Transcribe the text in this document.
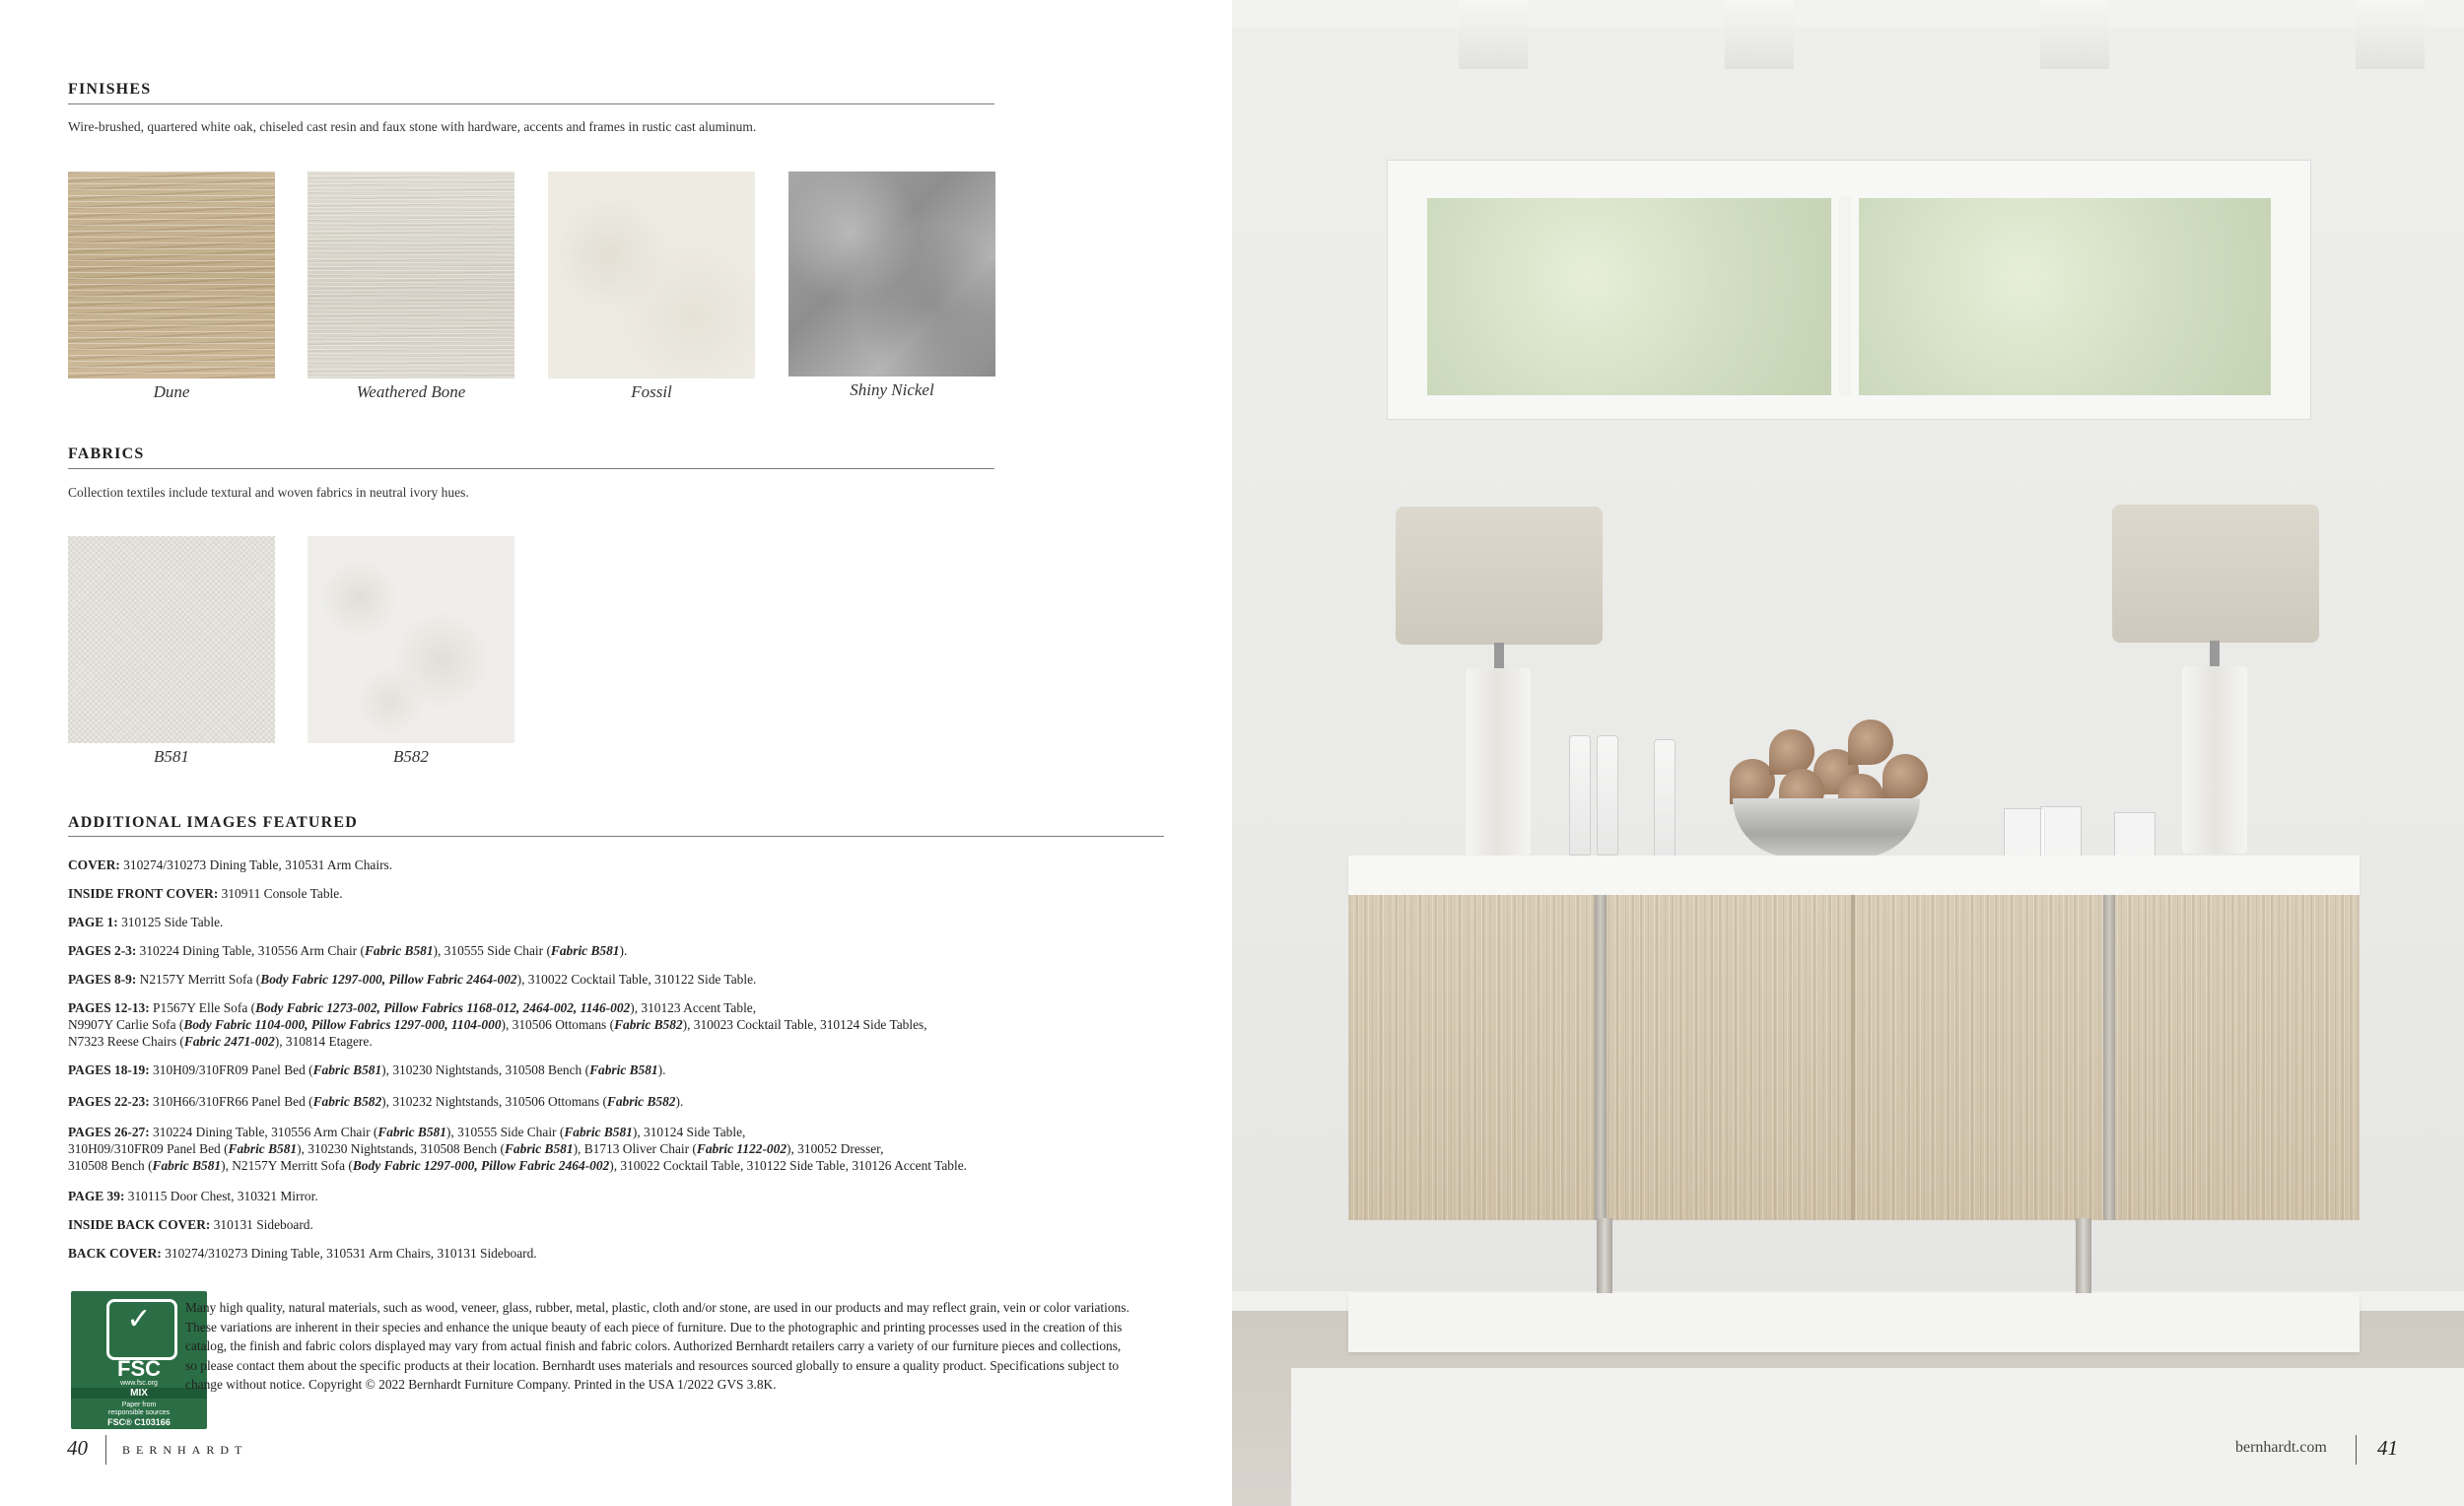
FINISHES
Wire-brushed, quartered white oak, chiseled cast resin and faux stone with hardware, accents and frames in rustic cast aluminum.
Dune	Weathered Bone	Fossil	Shiny Nickel
FABRICS
Collection textiles include textural and woven fabrics in neutral ivory hues.
B581	B582
ADDITIONAL IMAGES FEATURED
COVER: 310274/310273 Dining Table, 310531 Arm Chairs.
INSIDE FRONT COVER: 310911 Console Table.
PAGE 1: 310125 Side Table.
PAGES 2-3: 310224 Dining Table, 310556 Arm Chair (Fabric B581), 310555 Side Chair (Fabric B581).
PAGES 8-9: N2157Y Merritt Sofa (Body Fabric 1297-000, Pillow Fabric 2464-002), 310022 Cocktail Table, 310122 Side Table.
PAGES 12-13: P1567Y Elle Sofa (Body Fabric 1273-002, Pillow Fabrics 1168-012, 2464-002, 1146-002), 310123 Accent Table,
N9907Y Carlie Sofa (Body Fabric 1104-000, Pillow Fabrics 1297-000, 1104-000), 310506 Ottomans (Fabric B582), 310023 Cocktail Table, 310124 Side Tables,
N7323 Reese Chairs (Fabric 2471-002), 310814 Etagere.
PAGES 18-19: 310H09/310FR09 Panel Bed (Fabric B581), 310230 Nightstands, 310508 Bench (Fabric B581).
PAGES 22-23: 310H66/310FR66 Panel Bed (Fabric B582), 310232 Nightstands, 310506 Ottomans (Fabric B582).
PAGES 26-27: 310224 Dining Table, 310556 Arm Chair (Fabric B581), 310555 Side Chair (Fabric B581), 310124 Side Table,
310H09/310FR09 Panel Bed (Fabric B581), 310230 Nightstands, 310508 Bench (Fabric B581), B1713 Oliver Chair (Fabric 1122-002), 310052 Dresser,
310508 Bench (Fabric B581), N2157Y Merritt Sofa (Body Fabric 1297-000, Pillow Fabric 2464-002), 310022 Cocktail Table, 310122 Side Table, 310126 Accent Table.
PAGE 39: 310115 Door Chest, 310321 Mirror.
INSIDE BACK COVER: 310131 Sideboard.
BACK COVER: 310274/310273 Dining Table, 310531 Arm Chairs, 310131 Sideboard.
✓
FSC
www.fsc.org
MIX
Paper from
responsible sources
FSC® C103166
Many high quality, natural materials, such as wood, veneer, glass, rubber, metal, plastic, cloth and/or stone, are used in our products and may reflect grain, vein or color variations. These variations are inherent in their species and enhance the unique beauty of each piece of furniture. Due to the photographic and printing processes used in the creation of this catalog, the finish and fabric colors displayed may vary from actual finish and fabric colors. Authorized Bernhardt retailers carry a variety of our furniture pieces and collections, so please contact them about the specific products at their location. Bernhardt uses materials and resources sourced globally to ensure a quality product. Specifications subject to change without notice. Copyright © 2022 Bernhardt Furniture Company. Printed in the USA 1/2022 GVS 3.8K.
40	BERNHARDT	bernhardt.com 41
